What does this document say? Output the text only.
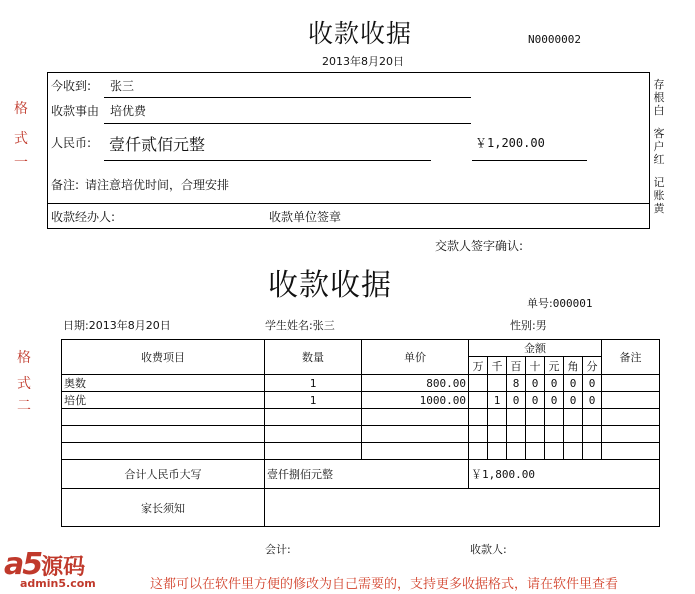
收款收据	N0000002
2013年8月20日
格
式
一
今收到: 张三
收款事由 培优费
人民币: 壹仟贰佰元整	￥1,200.00
备注: 请注意培优时间，合理安排
收款经办人:	收款单位签章
存
根
白
客
户
红
记
账
黄
交款人签字确认:
收款收据
单号:000001
日期:2013年8月20日	学生姓名:张三	性别:男
格
式
二
收费项目	数量	单价	金额							备注
			万	千	百	十	元	角	分	
奥数	1	800.00			8	0	0	0	0	
培优	1	1000.00		1	0	0	0	0	0	

合计人民币大写	壹仟捌佰元整		￥1,800.00							
家长须知										
会计:	收款人:
a5源码
admin5.com	这都可以在软件里方便的修改为自己需要的，支持更多收据格式，请在软件里查看
